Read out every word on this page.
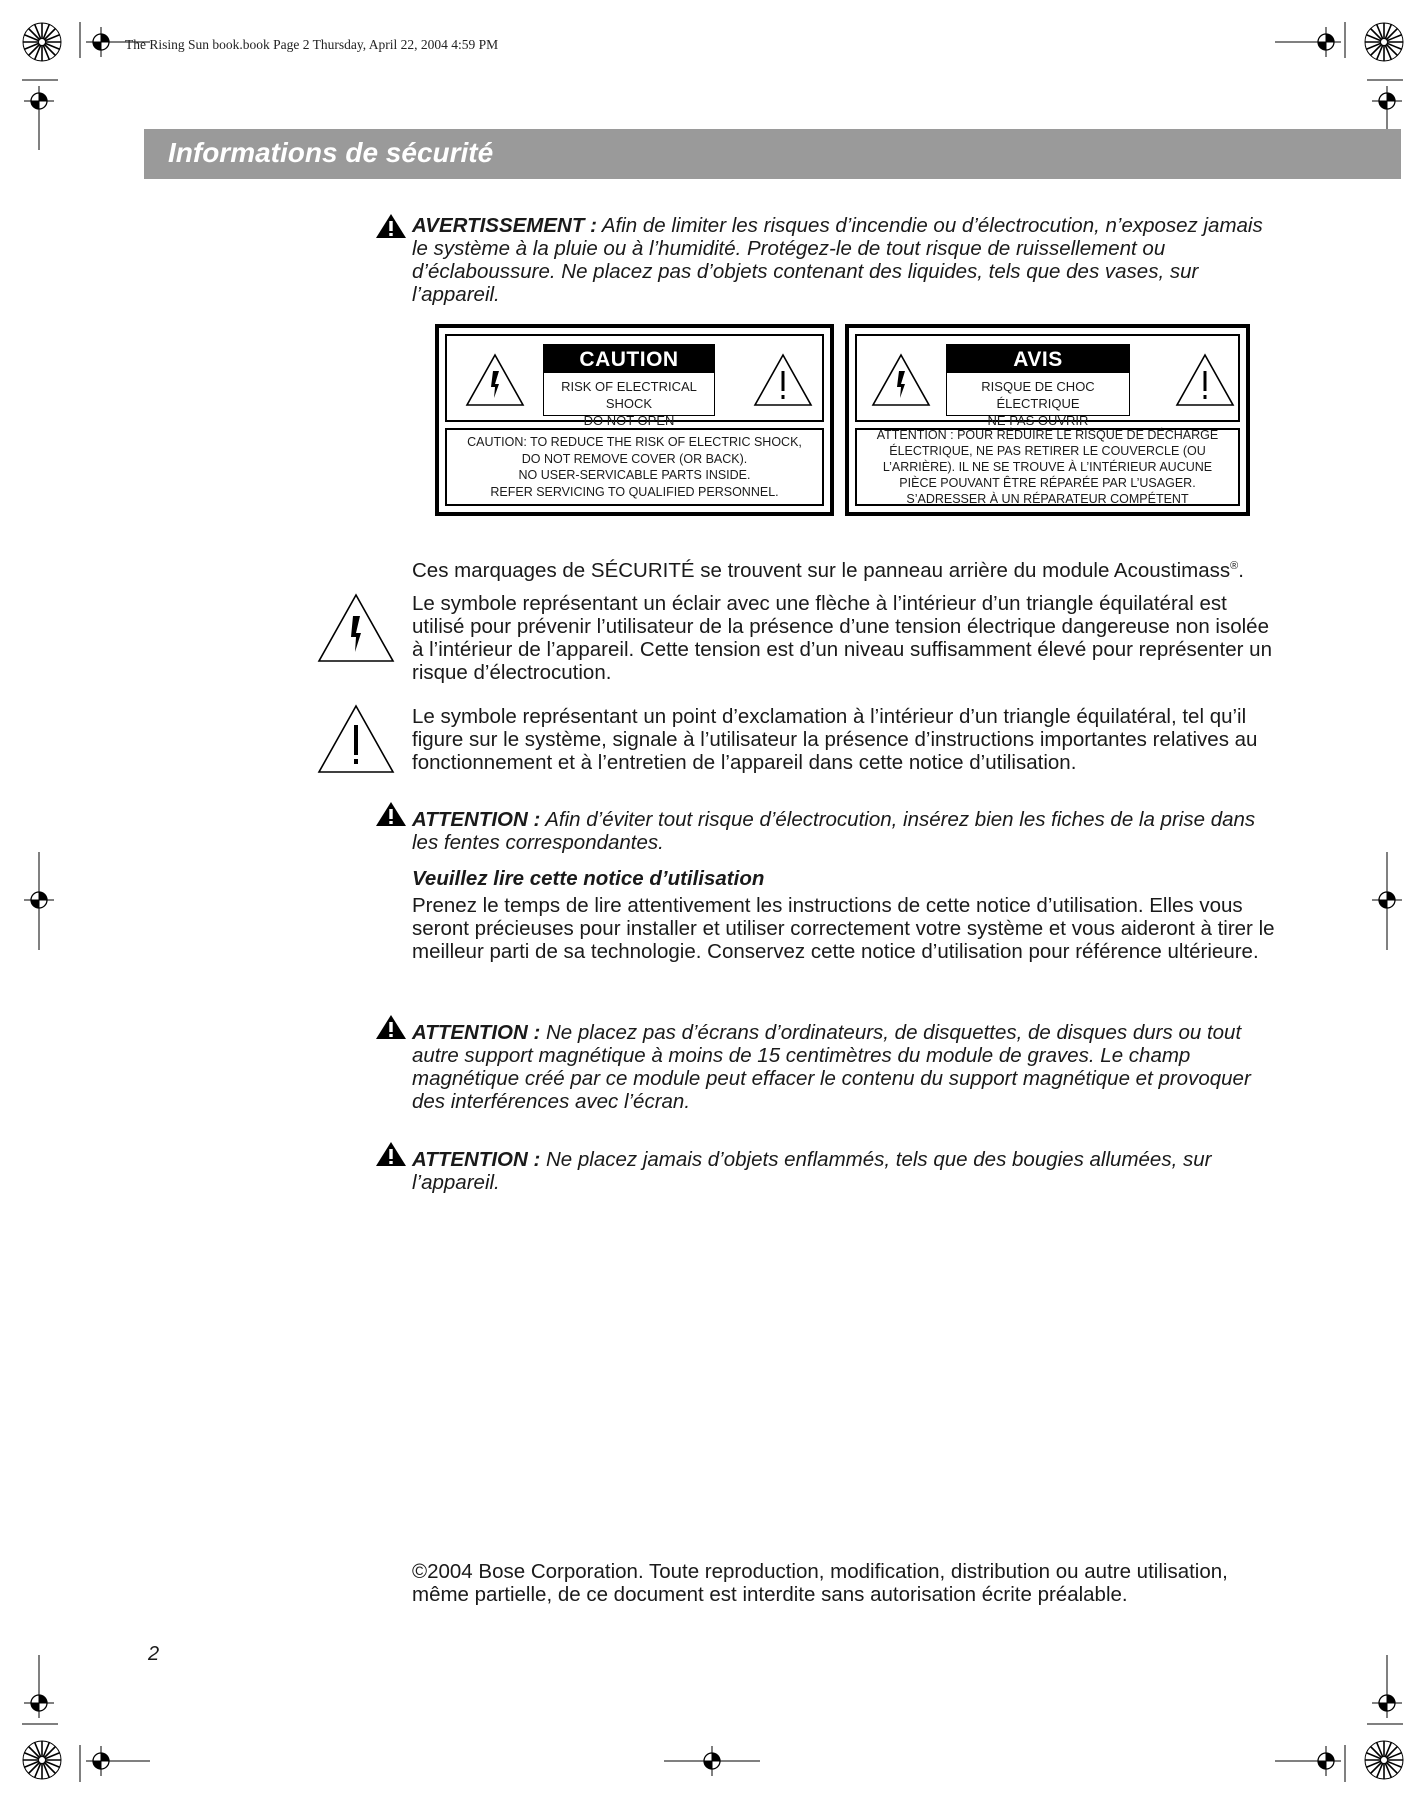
The Rising Sun book.book Page 2 Thursday, April 22, 2004 4:59 PM
Informations de sécurité
AVERTISSEMENT : Afin de limiter les risques d’incendie ou d’électrocution, n’exposez jamais le système à la pluie ou à l’humidité. Protégez-le de tout risque de ruissellement ou d’éclaboussure. Ne placez pas d’objets contenant des liquides, tels que des vases, sur l’appareil.
CAUTION
RISK OF ELECTRICAL SHOCK
DO NOT OPEN
CAUTION: TO REDUCE THE RISK OF ELECTRIC SHOCK,
DO NOT REMOVE COVER (OR BACK).
NO USER-SERVICABLE PARTS INSIDE.
REFER SERVICING TO QUALIFIED PERSONNEL.
AVIS
RISQUE DE CHOC ÉLECTRIQUE
NE PAS OUVRIR
ATTENTION : POUR RÉDUIRE LE RISQUE DE DÉCHARGE
ÉLECTRIQUE, NE PAS RETIRER LE COUVERCLE (OU
L’ARRIÈRE). IL NE SE TROUVE À L’INTÉRIEUR AUCUNE
PIÈCE POUVANT ÊTRE RÉPARÉE PAR L’USAGER.
S’ADRESSER À UN RÉPARATEUR COMPÉTENT
Ces marquages de SÉCURITÉ se trouvent sur le panneau arrière du module Acoustimass®.
Le symbole représentant un éclair avec une flèche à l’intérieur d’un triangle équilatéral est utilisé pour prévenir l’utilisateur de la présence d’une tension électrique dangereuse non isolée à l’intérieur de l’appareil. Cette tension est d’un niveau suffisamment élevé pour représenter un risque d’électrocution.
Le symbole représentant un point d’exclamation à l’intérieur d’un triangle équilatéral, tel qu’il figure sur le système, signale à l’utilisateur la présence d’instructions importantes relatives au fonctionnement et à l’entretien de l’appareil dans cette notice d’utilisation.
ATTENTION : Afin d’éviter tout risque d’électrocution, insérez bien les fiches de la prise dans les fentes correspondantes.
Veuillez lire cette notice d’utilisation
Prenez le temps de lire attentivement les instructions de cette notice d’utilisation. Elles vous seront précieuses pour installer et utiliser correctement votre système et vous aideront à tirer le meilleur parti de sa technologie. Conservez cette notice d’utilisation pour référence ultérieure.
ATTENTION : Ne placez pas d’écrans d’ordinateurs, de disquettes, de disques durs ou tout autre support magnétique à moins de 15 centimètres du module de graves. Le champ magnétique créé par ce module peut effacer le contenu du support magnétique et provoquer des interférences avec l’écran.
ATTENTION : Ne placez jamais d’objets enflammés, tels que des bougies allumées, sur l’appareil.
©2004 Bose Corporation. Toute reproduction, modification, distribution ou autre utilisation, même partielle, de ce document est interdite sans autorisation écrite préalable.
2
